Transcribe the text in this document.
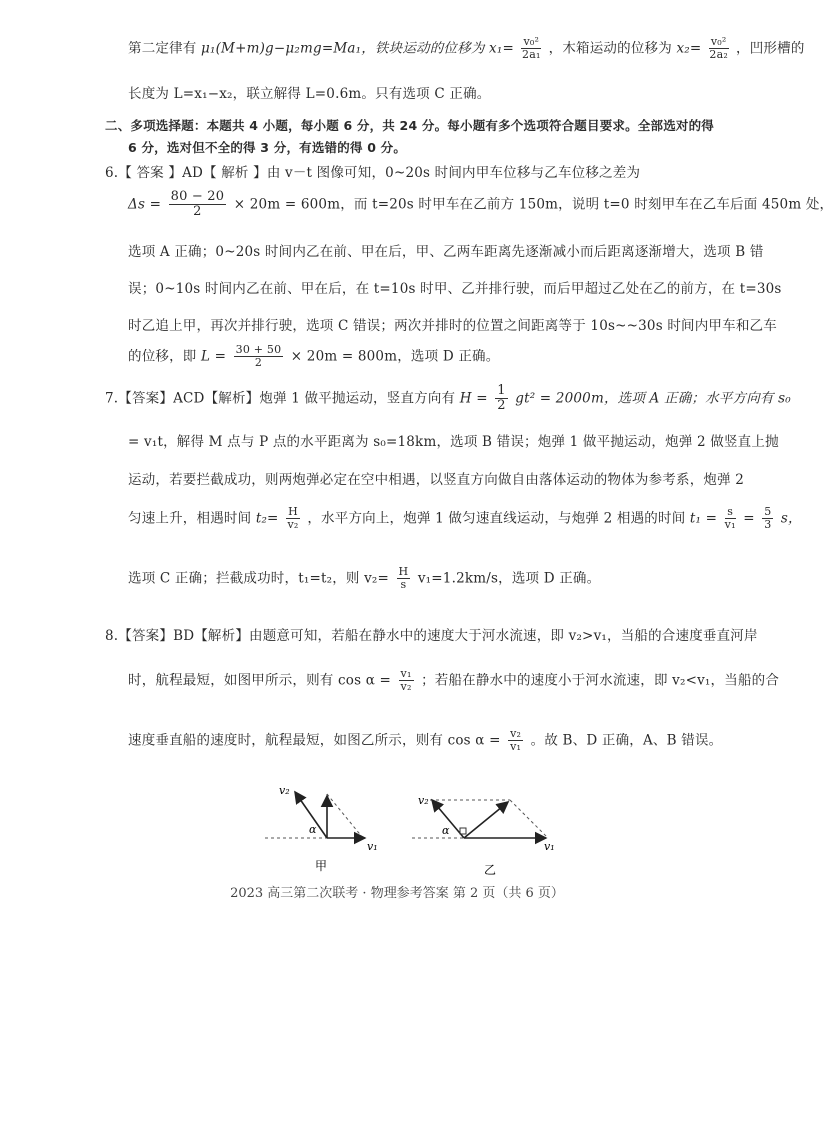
第二定律有 μ₁(M+m)g−μ₂mg=Ma₁，铁块运动的位移为 $x_1= \frac{\text{v₀²}}{\text{2a₁}}$ ，木箱运动的位移为 $x_2= \frac{\text{v₀²}}{\text{2a₂}}$ ，凹形槽的
长度为 L=x₁−x₂，联立解得 L=0.6m。只有选项 C 正确。
二、多项选择题：本题共 4 小题，每小题 6 分，共 24 分。每小题有多个选项符合题目要求。全部选对的得
6 分，选对但不全的得 3 分，有选错的得 0 分。
6.【 答案 】AD【 解析 】由 v－t 图像可知，0~20s 时间内甲车位移与乙车位移之差为
$\Delta s = \frac{80 - 20}{2} \times 20m = 600m$，而 t=20s 时甲车在乙前方 150m，说明 t=0 时刻甲车在乙车后面 450m 处，
选项 A 正确；0~20s 时间内乙在前、甲在后，甲、乙两车距离先逐渐减小而后距离逐渐增大，选项 B 错
误；0~10s 时间内乙在前、甲在后，在 t=10s 时甲、乙并排行驶，而后甲超过乙处在乙的前方，在 t=30s
时乙追上甲，再次并排行驶，选项 C 错误；两次并排时的位置之间距离等于 10s~~30s 时间内甲车和乙车
的位移，即 $L = \frac{30 + 50}{2} \times 20m = 800m$，选项 D 正确。
7.【答案】ACD【解析】炮弹 1 做平抛运动，竖直方向有 $H = \frac{1}{2} gt^2 = 2000m$，选项 A 正确；水平方向有 s₀
= v₁t，解得 M 点与 P 点的水平距离为 s₀=18km，选项 B 错误；炮弹 1 做平抛运动，炮弹 2 做竖直上抛
运动，若要拦截成功，则两炮弹必定在空中相遇，以竖直方向做自由落体运动的物体为参考系，炮弹 2
匀速上升，相遇时间 $t_2= \frac{H}{\text{v₂}}$ ，水平方向上，炮弹 1 做匀速直线运动，与炮弹 2 相遇的时间 $t_1 = \frac{s}{\text{v₁}} = \frac{5}{3}$ s，
选项 C 正确；拦截成功时，t₁=t₂，则 $v_2= \frac{H}{s} v_1=1.2km/s$，选项 D 正确。
8.【答案】BD【解析】由题意可知，若船在静水中的速度大于河水流速，即 v₂>v₁，当船的合速度垂直河岸
时，航程最短，如图甲所示，则有 $\cos \alpha = \frac{\text{v₁}}{\text{v₂}}$ ；若船在静水中的速度小于河水流速，即 v₂<v₁，当船的合
速度垂直船的速度时，航程最短，如图乙所示，则有 $\cos \alpha = \frac{\text{v₂}}{\text{v₁}}$ 。故 B、D 正确，A、B 错误。
v₂
α
v₁
甲
v₂
α
v₁
乙
2023 高三第二次联考 · 物理参考答案 第 2 页（共 6 页）
